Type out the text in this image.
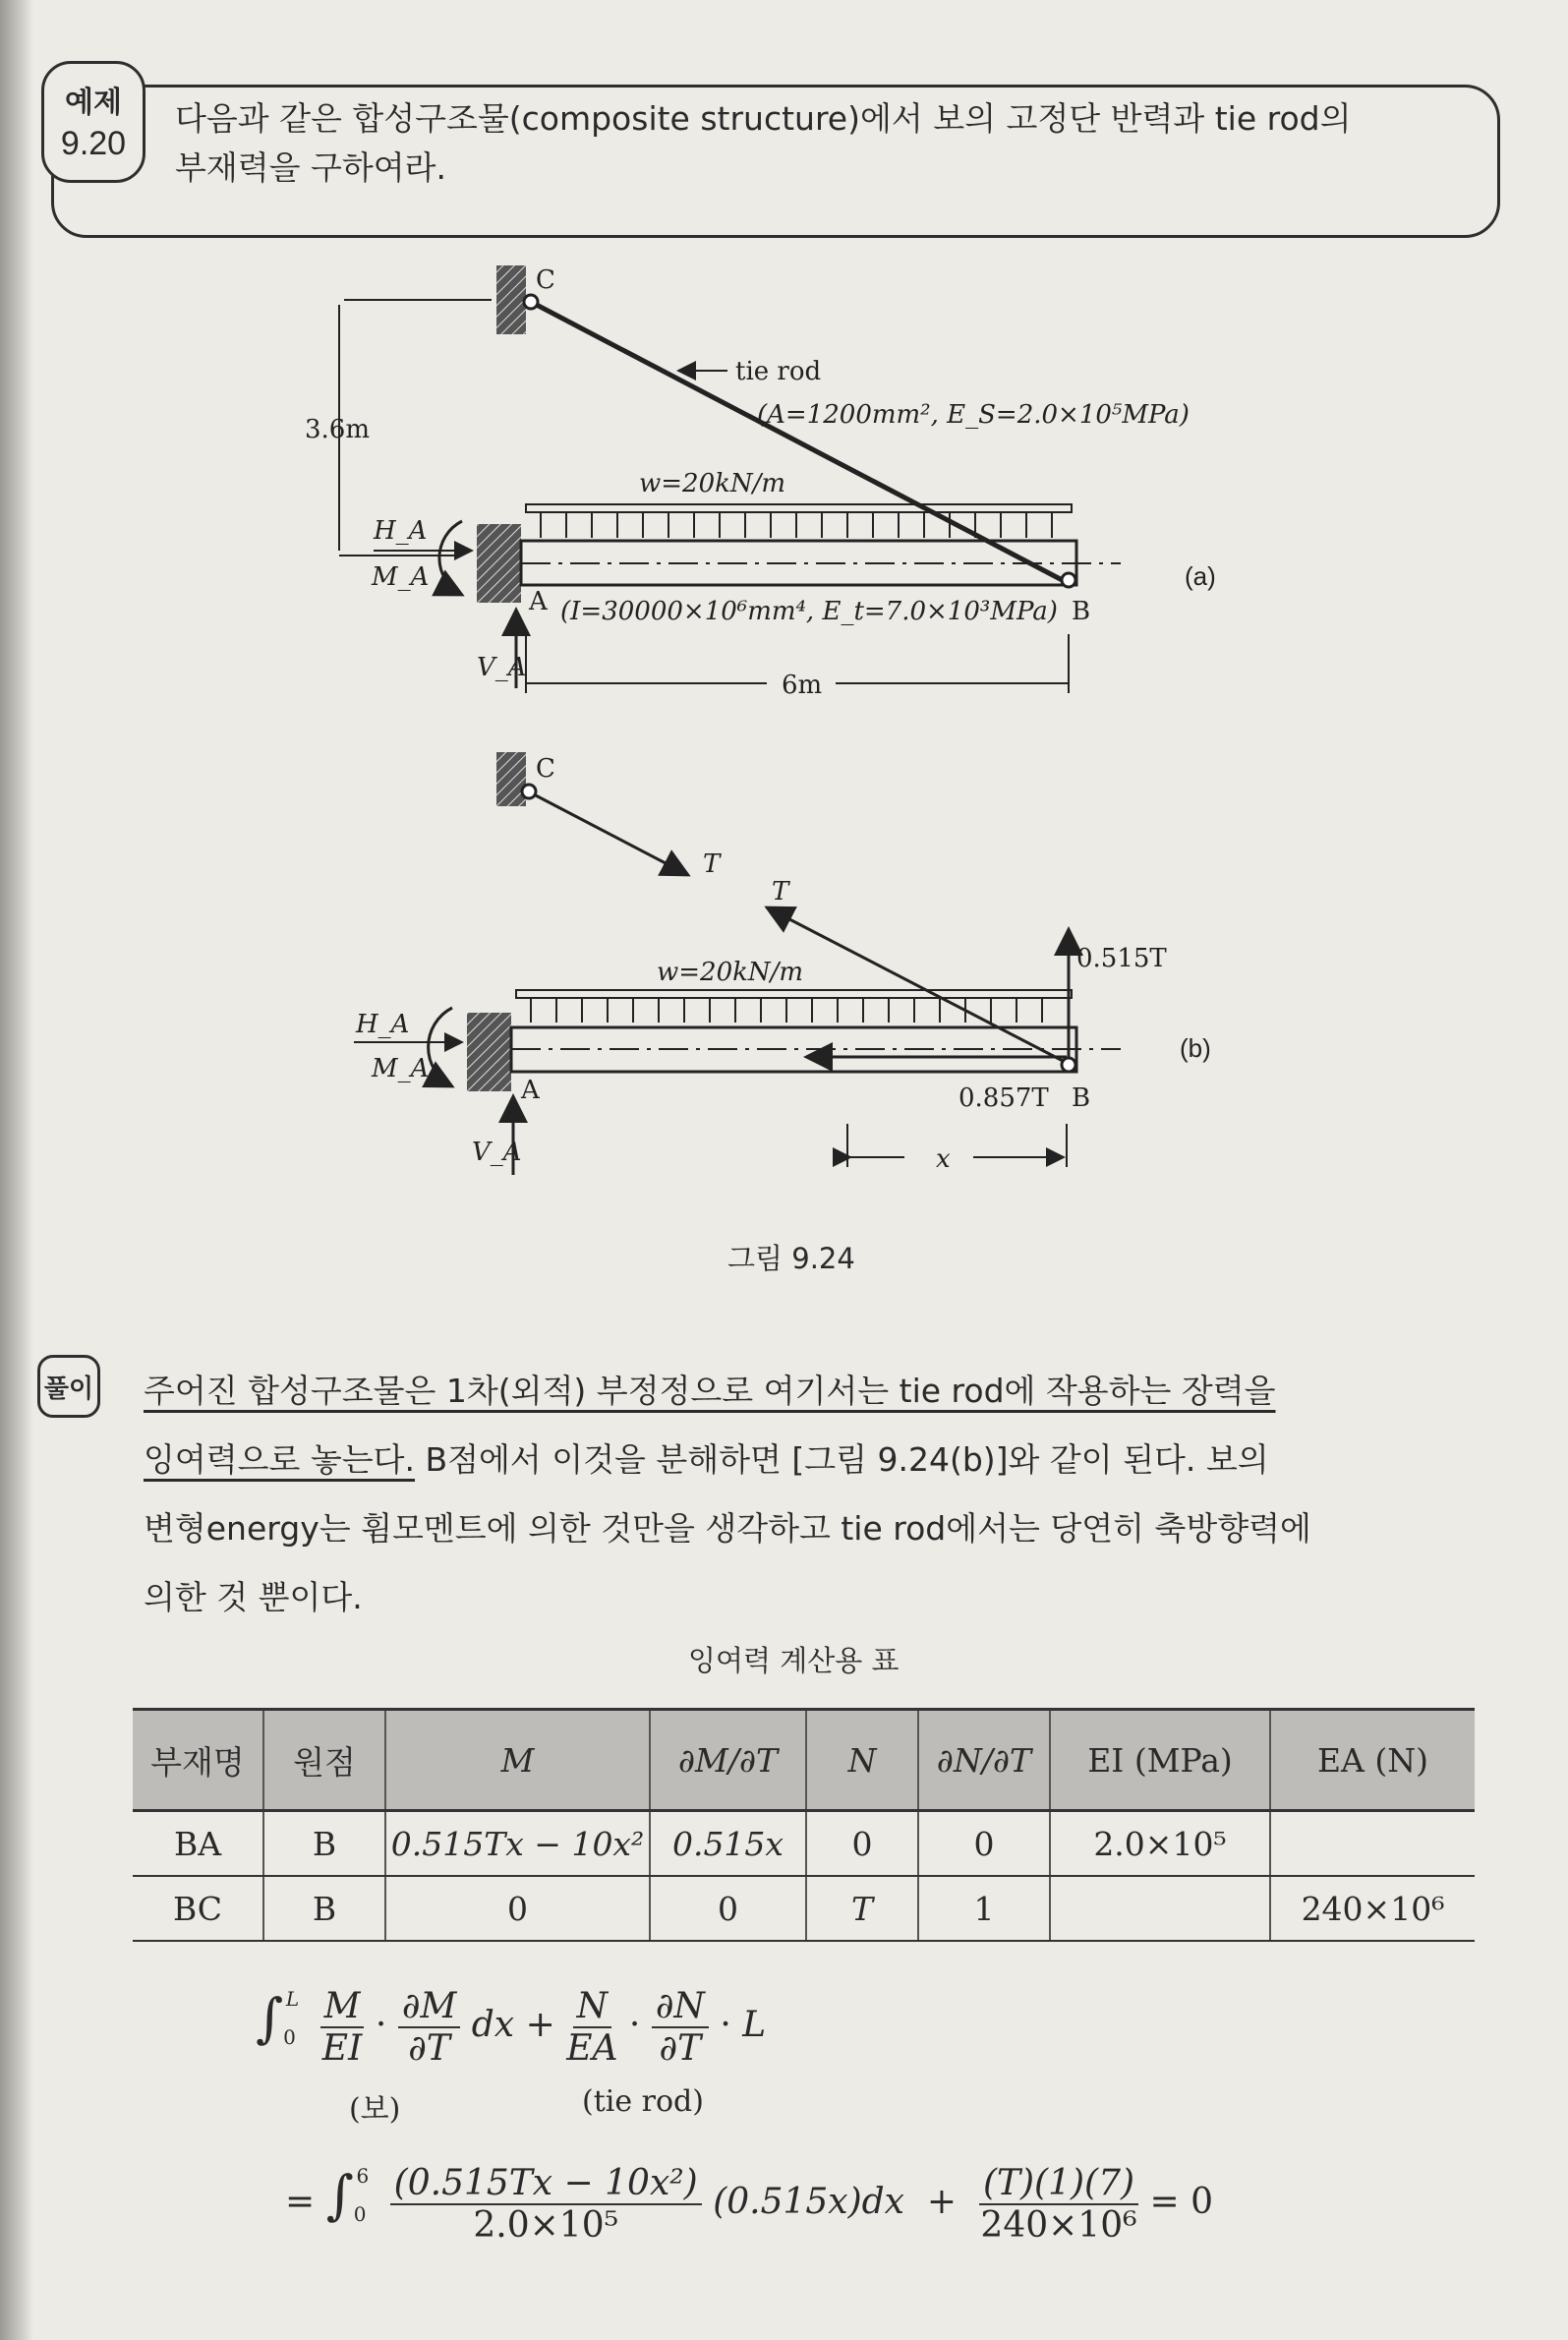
예제
9.20
다음과 같은 합성구조물(composite structure)에서 보의 고정단 반력과 tie rod의
부재력을 구하여라.
C
tie rod
(A=1200mm², E_S=2.0×10⁵MPa)
3.6m
w=20kN/m
H_A
M_A
V_A
A (I=30000×10⁶mm⁴, E_t=7.0×10³MPa) B
6m
(a)
C
T
T
0.515T
w=20kN/m
0.857T B
H_A
M_A
V_A
A
x
(b)
그림 9.24
풀이 주어진 합성구조물은 1차(외적) 부정정으로 여기서는 tie rod에 작용하는 장력을
잉여력으로 놓는다. B점에서 이것을 분해하면 [그림 9.24(b)]와 같이 된다. 보의
변형energy는 휨모멘트에 의한 것만을 생각하고 tie rod에서는 당연히 축방향력에
의한 것 뿐이다.
잉여력 계산용 표
부재명	원점	M	∂M/∂T	N	∂N/∂T	EI (MPa)	EA (N)
BA	B	0.515Tx − 10x²	0.515x	0	0	2.0×10⁵	
BC	B	0	0	T	1		240×10⁶
$\int_0^L \frac{M}{EI} \cdot \frac{\partial M}{\partial T}$ dx + $\frac{N}{EA} \cdot \frac{\partial N}{\partial T} \cdot L$
(보)	(tie rod)
= $\int_0^6 \frac{\text{(0.515Tx − 10x²)}}{\text{2.0×10⁵}} (0.515x)dx + \frac{(T)(1)(7)}{\text{240×10⁶}} = 0$
